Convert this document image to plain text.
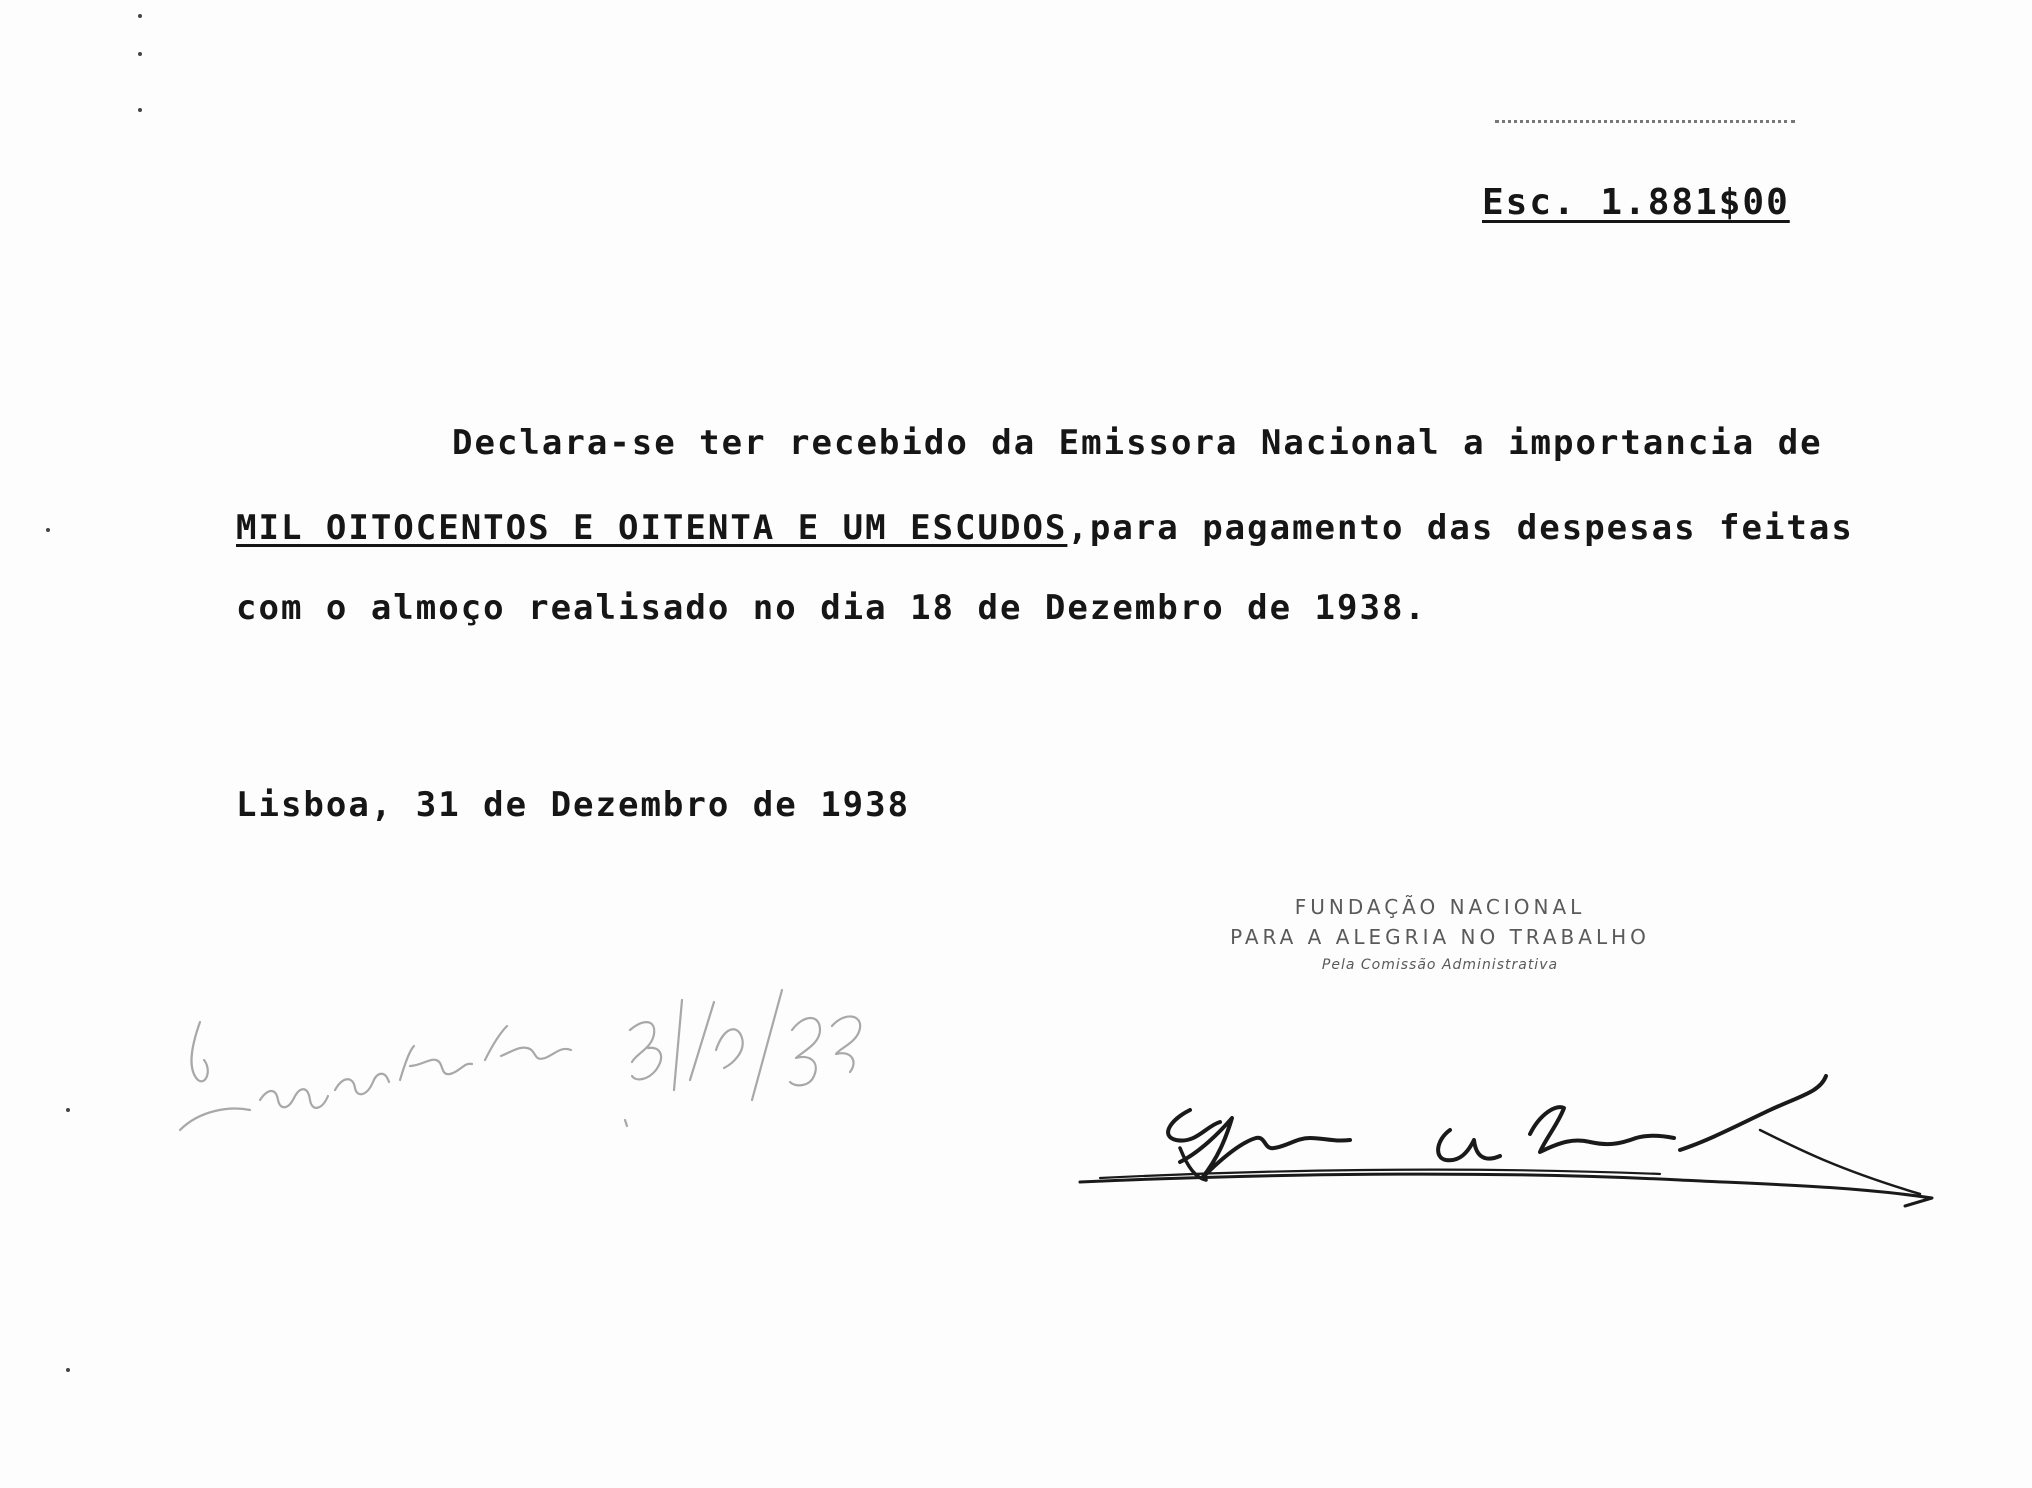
Esc. 1.881$00
Declara-se ter recebido da Emissora Nacional a importancia de
MIL OITOCENTOS E OITENTA E UM ESCUDOS,para pagamento das despesas feitas
com o almoço realisado no dia 18 de Dezembro de 1938.
Lisboa, 31 de Dezembro de 1938
FUNDAÇÃO NACIONAL
PARA A ALEGRIA NO TRABALHO
Pela Comissão Administrativa
